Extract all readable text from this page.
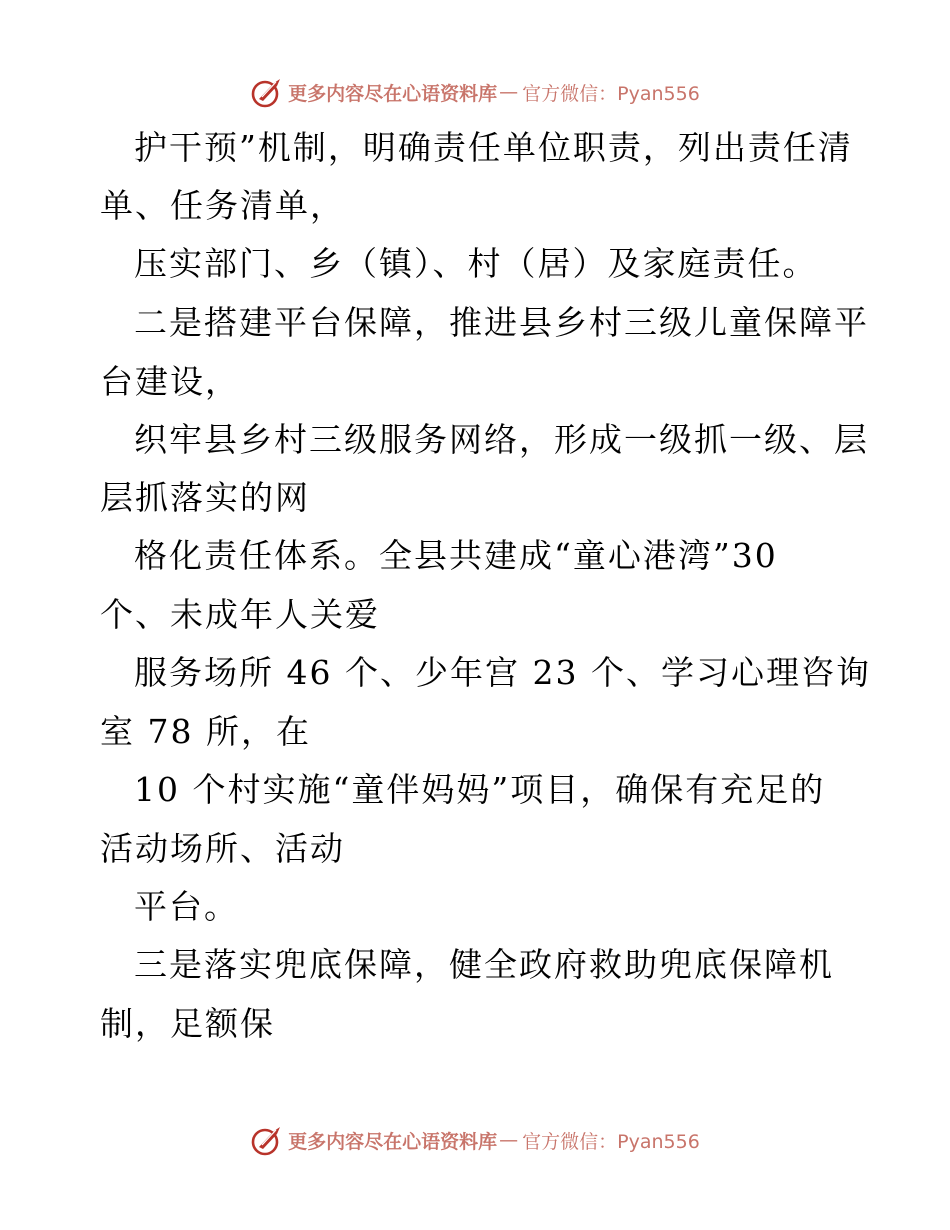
更多内容尽在心语资料库 — 官方微信：Pyan556
护干预”机制，明确责任单位职责，列出责任清
单、任务清单，
压实部门、乡（镇）、村（居）及家庭责任。
二是搭建平台保障，推进县乡村三级儿童保障平
台建设，
织牢县乡村三级服务网络，形成一级抓一级、层
层抓落实的网
格化责任体系。全县共建成“童心港湾”30
个、未成年人关爱
服务场所 46 个、少年宫 23 个、学习心理咨询
室 78 所，在
10 个村实施“童伴妈妈”项目，确保有充足的
活动场所、活动
平台。
三是落实兜底保障，健全政府救助兜底保障机
制，足额保
更多内容尽在心语资料库 — 官方微信：Pyan556
